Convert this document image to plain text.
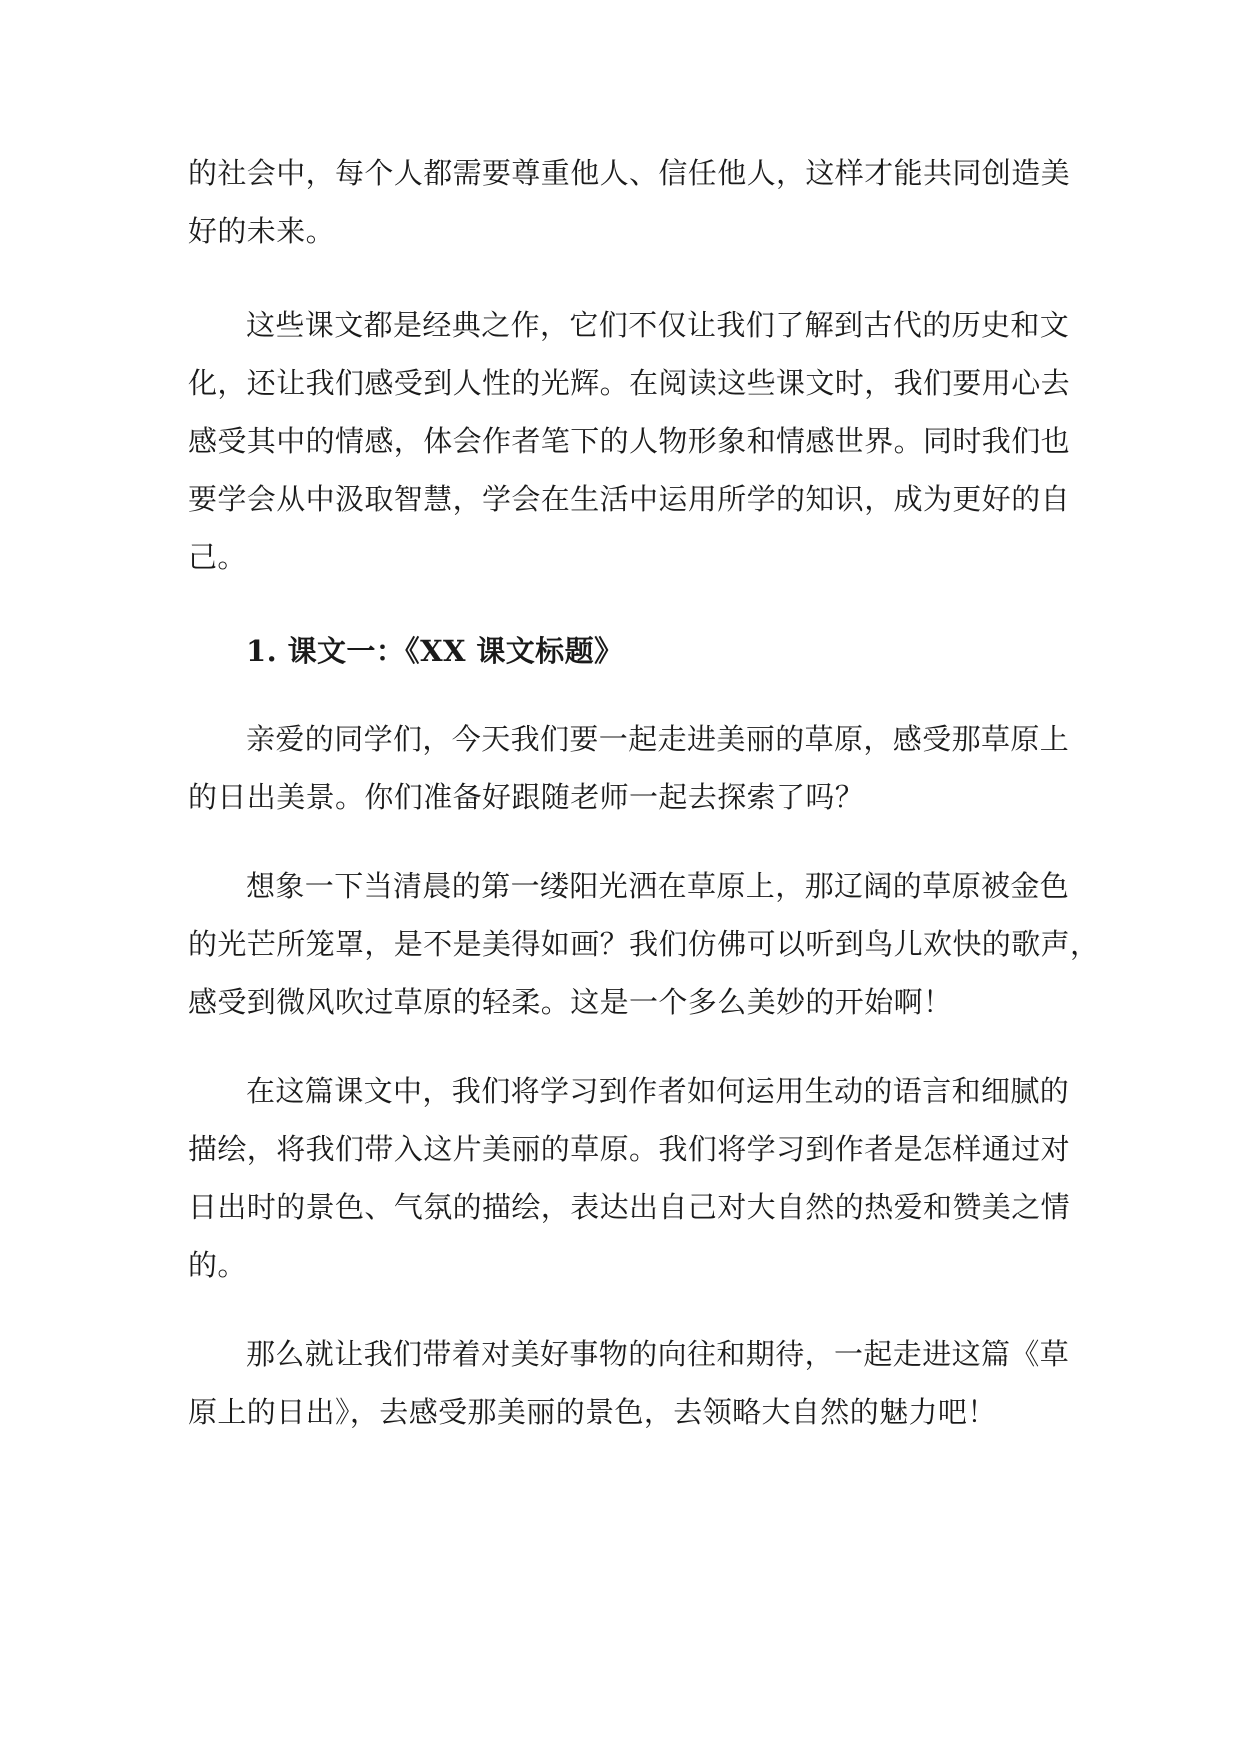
的社会中，每个人都需要尊重他人、信任他人，这样才能共同创造美
好的未来。
这些课文都是经典之作，它们不仅让我们了解到古代的历史和文
化，还让我们感受到人性的光辉。在阅读这些课文时，我们要用心去
感受其中的情感，体会作者笔下的人物形象和情感世界。同时我们也
要学会从中汲取智慧，学会在生活中运用所学的知识，成为更好的自
己。
1. 课文一：《XX 课文标题》
亲爱的同学们，今天我们要一起走进美丽的草原，感受那草原上
的日出美景。你们准备好跟随老师一起去探索了吗？
想象一下当清晨的第一缕阳光洒在草原上，那辽阔的草原被金色
的光芒所笼罩，是不是美得如画？我们仿佛可以听到鸟儿欢快的歌声，
感受到微风吹过草原的轻柔。这是一个多么美妙的开始啊！
在这篇课文中，我们将学习到作者如何运用生动的语言和细腻的
描绘，将我们带入这片美丽的草原。我们将学习到作者是怎样通过对
日出时的景色、气氛的描绘，表达出自己对大自然的热爱和赞美之情
的。
那么就让我们带着对美好事物的向往和期待，一起走进这篇《草
原上的日出》，去感受那美丽的景色，去领略大自然的魅力吧！
